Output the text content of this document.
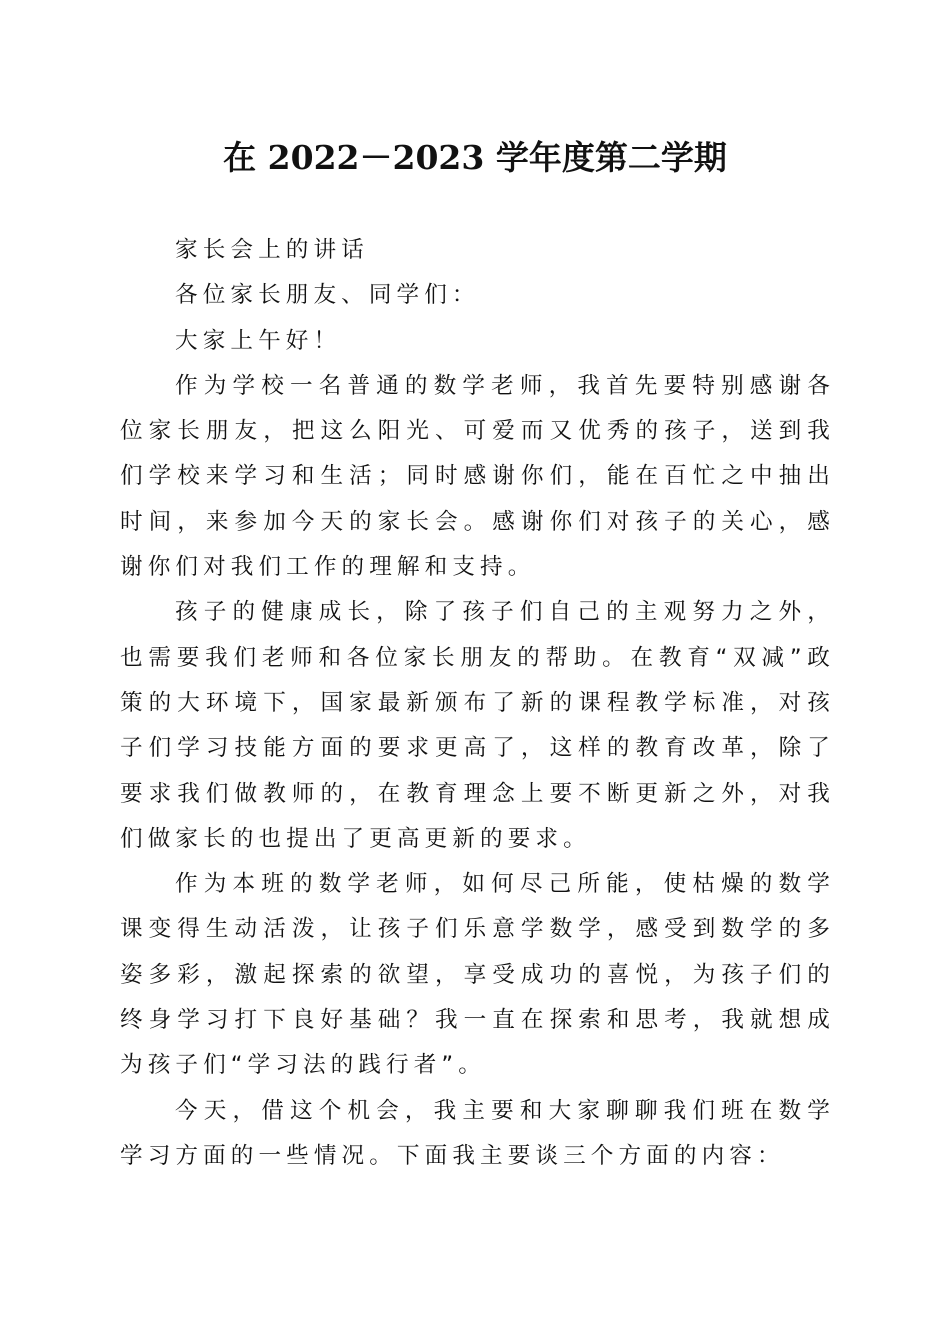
在 2022－2023 学年度第二学期

家长会上的讲话

各位家长朋友、同学们：

大家上午好！

作为学校一名普通的数学老师，我首先要特别感谢各位家长朋友，把这么阳光、可爱而又优秀的孩子，送到我们学校来学习和生活；同时感谢你们，能在百忙之中抽出时间，来参加今天的家长会。感谢你们对孩子的关心，感谢你们对我们工作的理解和支持。

孩子的健康成长，除了孩子们自己的主观努力之外，也需要我们老师和各位家长朋友的帮助。在教育“双减”政策的大环境下，国家最新颁布了新的课程教学标准，对孩子们学习技能方面的要求更高了，这样的教育改革，除了要求我们做教师的，在教育理念上要不断更新之外，对我们做家长的也提出了更高更新的要求。

作为本班的数学老师，如何尽己所能，使枯燥的数学课变得生动活泼，让孩子们乐意学数学，感受到数学的多姿多彩，激起探索的欲望，享受成功的喜悦，为孩子们的终身学习打下良好基础？我一直在探索和思考，我就想成为孩子们“学习法的践行者”。

今天，借这个机会，我主要和大家聊聊我们班在数学学习方面的一些情况。下面我主要谈三个方面的内容：
